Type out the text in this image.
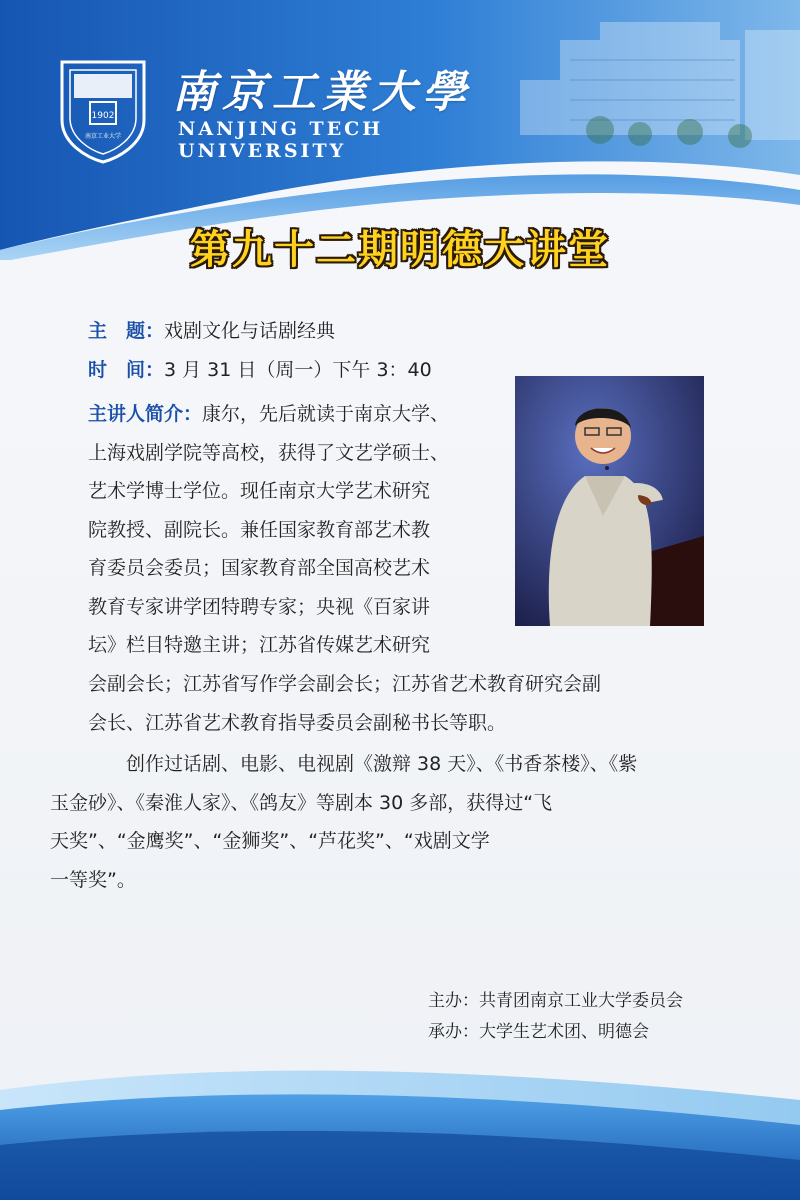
1902
南京工业大学
南京工業大學
NANJING TECH
UNIVERSITY
第九十二期明德大讲堂
主　题：戏剧文化与话剧经典
时　间：3 月 31 日（周一）下午 3：40
主讲人简介：康尔，先后就读于南京大学、
上海戏剧学院等高校，获得了文艺学硕士、
艺术学博士学位。现任南京大学艺术研究
院教授、副院长。兼任国家教育部艺术教
育委员会委员；国家教育部全国高校艺术
教育专家讲学团特聘专家；央视《百家讲
坛》栏目特邀主讲；江苏省传媒艺术研究
会副会长；江苏省写作学会副会长；江苏省艺术教育研究会副
会长、江苏省艺术教育指导委员会副秘书长等职。
创作过话剧、电影、电视剧《激辩 38 天》、《书香茶楼》、《紫
玉金砂》、《秦淮人家》、《鸽友》等剧本 30 多部，获得过“飞
天奖”、“金鹰奖”、“金狮奖”、“芦花奖”、“戏剧文学
一等奖”。
主办：共青团南京工业大学委员会
承办：大学生艺术团、明德会
